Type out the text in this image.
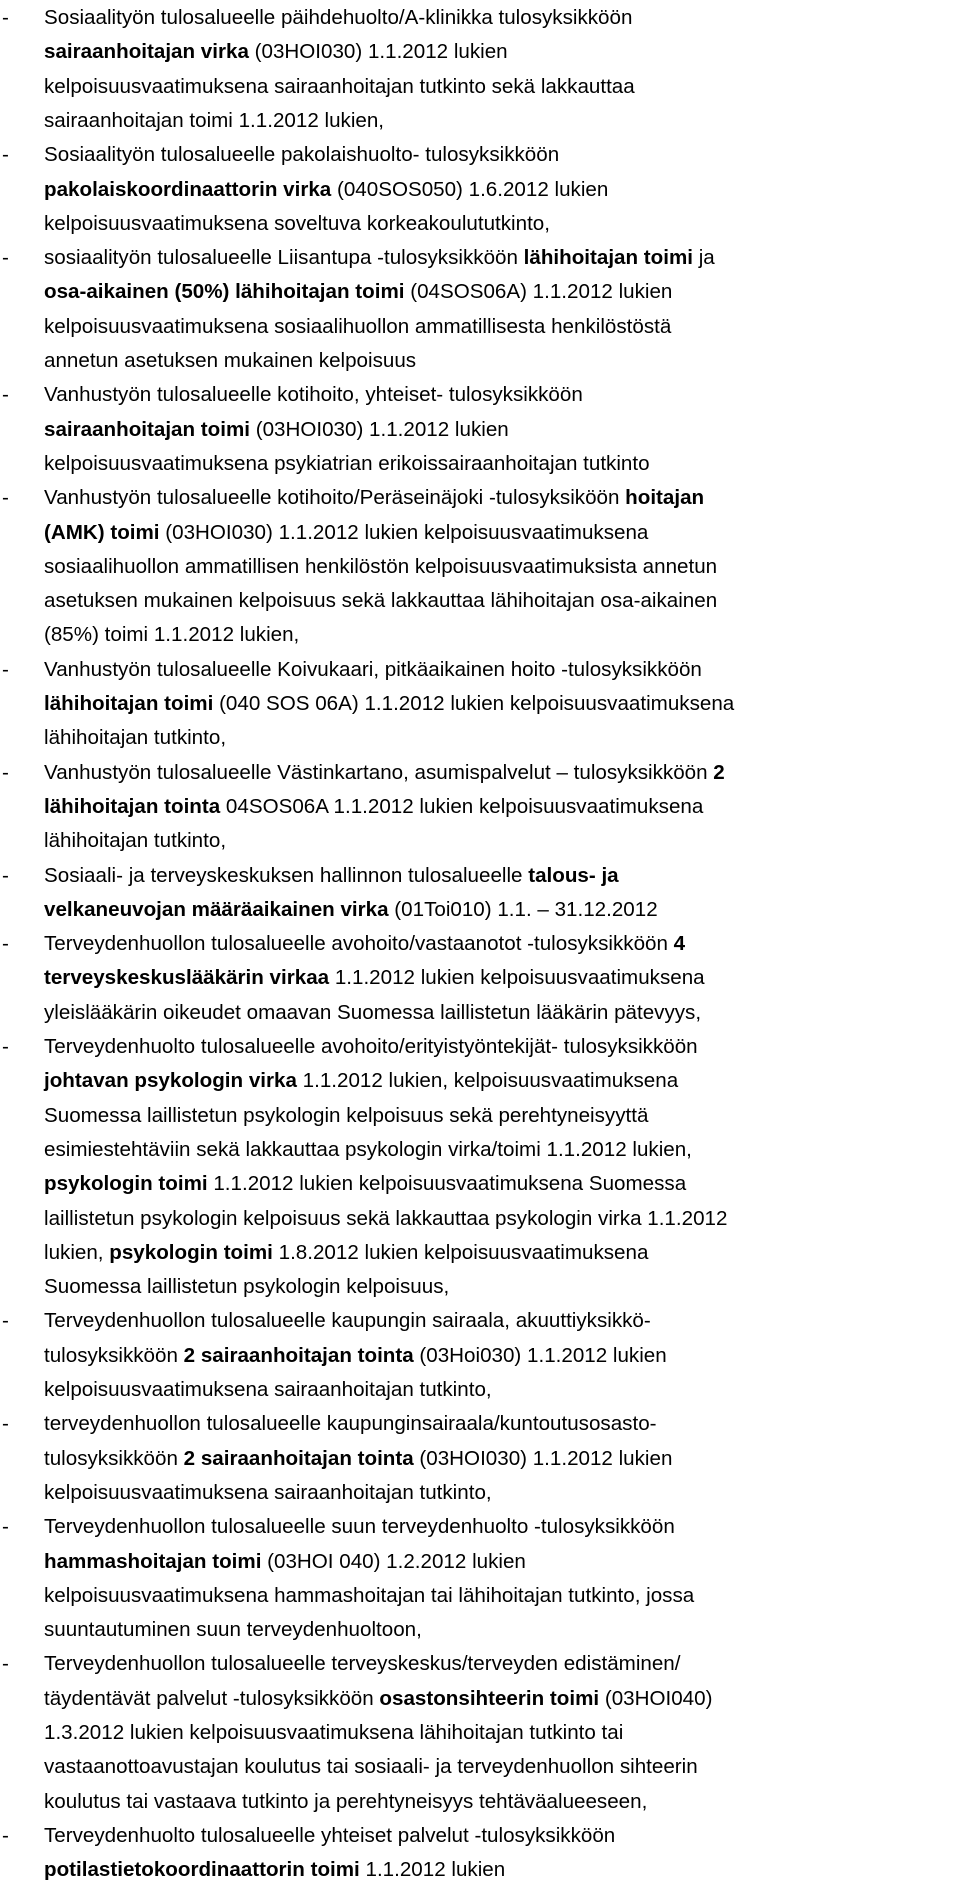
- Sosiaalityön tulosalueelle päihdehuolto/A-klinikka tulosyksikköön
sairaanhoitajan virka (03HOI030) 1.1.2012 lukien
kelpoisuusvaatimuksena sairaanhoitajan tutkinto sekä lakkauttaa
sairaanhoitajan toimi 1.1.2012 lukien,
- Sosiaalityön tulosalueelle pakolaishuolto- tulosyksikköön
pakolaiskoordinaattorin virka (040SOS050) 1.6.2012 lukien
kelpoisuusvaatimuksena soveltuva korkeakoulututkinto,
- sosiaalityön tulosalueelle Liisantupa -tulosyksikköön lähihoitajan toimi ja
osa-aikainen (50%) lähihoitajan toimi (04SOS06A) 1.1.2012 lukien
kelpoisuusvaatimuksena sosiaalihuollon ammatillisesta henkilöstöstä
annetun asetuksen mukainen kelpoisuus
- Vanhustyön tulosalueelle kotihoito, yhteiset- tulosyksikköön
sairaanhoitajan toimi (03HOI030) 1.1.2012 lukien
kelpoisuusvaatimuksena psykiatrian erikoissairaanhoitajan tutkinto
- Vanhustyön tulosalueelle kotihoito/Peräseinäjoki -tulosyksiköön hoitajan
(AMK) toimi (03HOI030) 1.1.2012 lukien kelpoisuusvaatimuksena
sosiaalihuollon ammatillisen henkilöstön kelpoisuusvaatimuksista annetun
asetuksen mukainen kelpoisuus sekä lakkauttaa lähihoitajan osa-aikainen
(85%) toimi 1.1.2012 lukien,
- Vanhustyön tulosalueelle Koivukaari, pitkäaikainen hoito -tulosyksikköön
lähihoitajan toimi (040 SOS 06A) 1.1.2012 lukien kelpoisuusvaatimuksena
lähihoitajan tutkinto,
- Vanhustyön tulosalueelle Västinkartano, asumispalvelut – tulosyksikköön 2
lähihoitajan tointa 04SOS06A 1.1.2012 lukien kelpoisuusvaatimuksena
lähihoitajan tutkinto,
- Sosiaali- ja terveyskeskuksen hallinnon tulosalueelle talous- ja
velkaneuvojan määräaikainen virka (01Toi010) 1.1. – 31.12.2012
- Terveydenhuollon tulosalueelle avohoito/vastaanotot -tulosyksikköön 4
terveyskeskuslääkärin virkaa 1.1.2012 lukien kelpoisuusvaatimuksena
yleislääkärin oikeudet omaavan Suomessa laillistetun lääkärin pätevyys,
- Terveydenhuolto tulosalueelle avohoito/erityistyöntekijät- tulosyksikköön
johtavan psykologin virka 1.1.2012 lukien, kelpoisuusvaatimuksena
Suomessa laillistetun psykologin kelpoisuus sekä perehtyneisyyttä
esimiestehtäviin sekä lakkauttaa psykologin virka/toimi 1.1.2012 lukien,
psykologin toimi 1.1.2012 lukien kelpoisuusvaatimuksena Suomessa
laillistetun psykologin kelpoisuus sekä lakkauttaa psykologin virka 1.1.2012
lukien, psykologin toimi 1.8.2012 lukien kelpoisuusvaatimuksena
Suomessa laillistetun psykologin kelpoisuus,
- Terveydenhuollon tulosalueelle kaupungin sairaala, akuuttiyksikkö-
tulosyksikköön 2 sairaanhoitajan tointa (03Hoi030) 1.1.2012 lukien
kelpoisuusvaatimuksena sairaanhoitajan tutkinto,
- terveydenhuollon tulosalueelle kaupunginsairaala/kuntoutusosasto-
tulosyksikköön 2 sairaanhoitajan tointa (03HOI030) 1.1.2012 lukien
kelpoisuusvaatimuksena sairaanhoitajan tutkinto,
- Terveydenhuollon tulosalueelle suun terveydenhuolto -tulosyksikköön
hammashoitajan toimi (03HOI 040) 1.2.2012 lukien
kelpoisuusvaatimuksena hammashoitajan tai lähihoitajan tutkinto, jossa
suuntautuminen suun terveydenhuoltoon,
- Terveydenhuollon tulosalueelle terveyskeskus/terveyden edistäminen/
täydentävät palvelut -tulosyksikköön osastonsihteerin toimi (03HOI040)
1.3.2012 lukien kelpoisuusvaatimuksena lähihoitajan tutkinto tai
vastaanottoavustajan koulutus tai sosiaali- ja terveydenhuollon sihteerin
koulutus tai vastaava tutkinto ja perehtyneisyys tehtäväalueeseen,
- Terveydenhuolto tulosalueelle yhteiset palvelut -tulosyksikköön
potilastietokoordinaattorin toimi 1.1.2012 lukien
